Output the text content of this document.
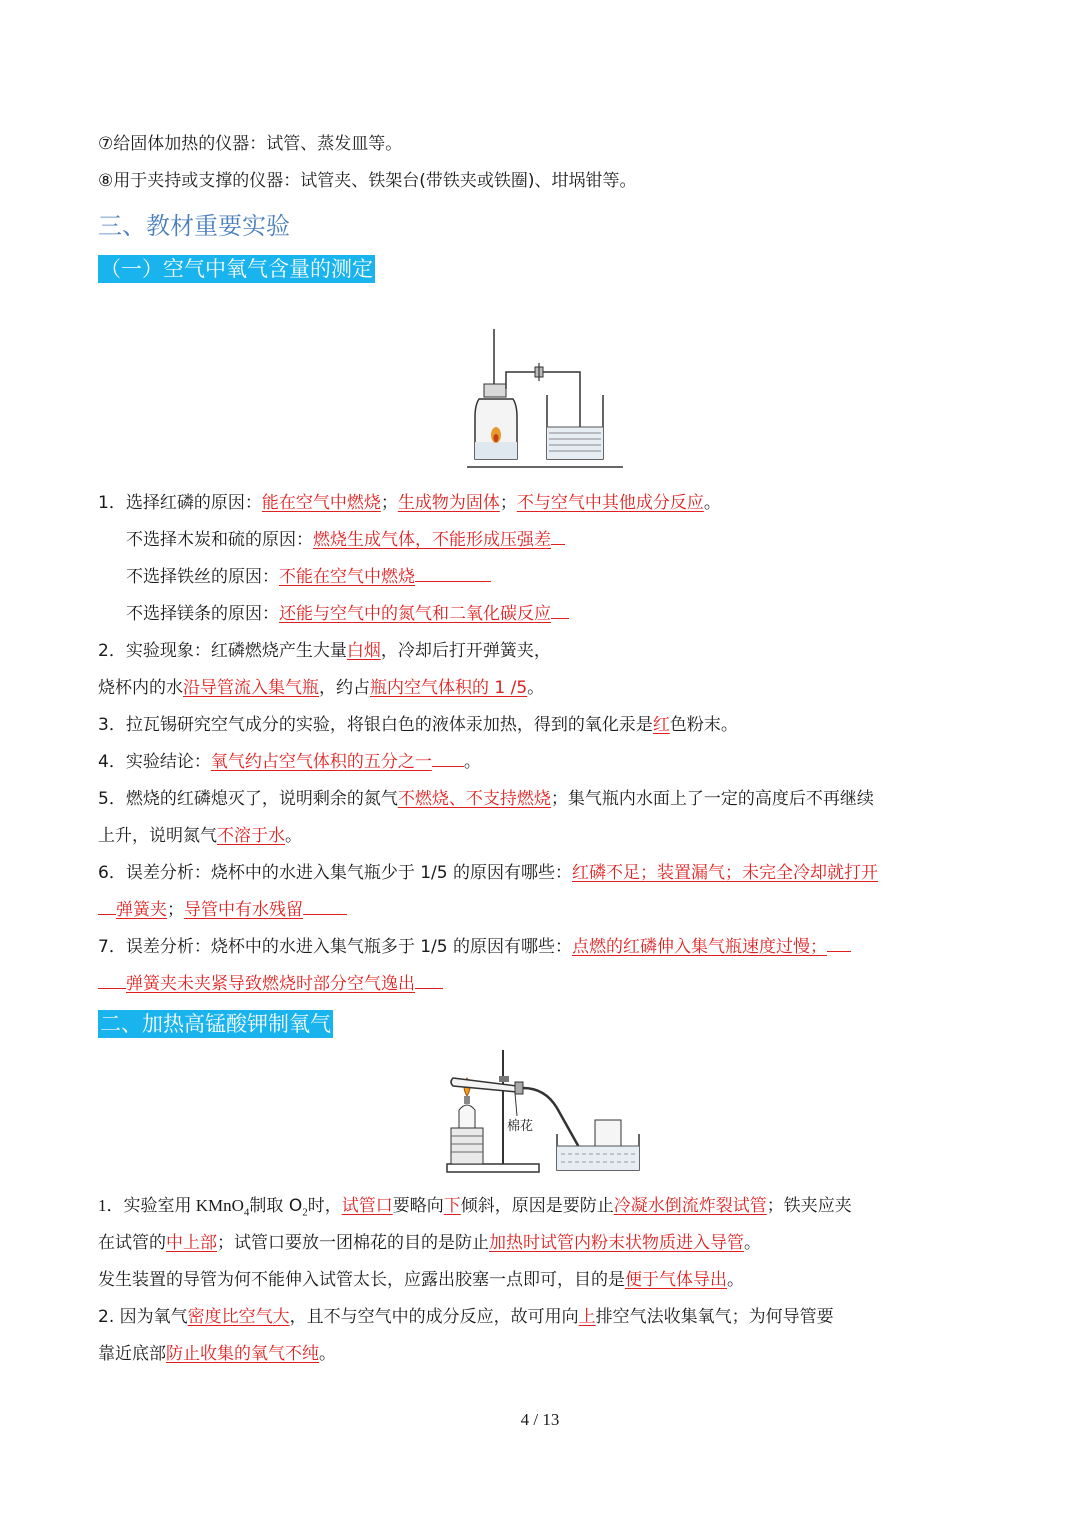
⑦给固体加热的仪器：试管、蒸发皿等。
⑧用于夹持或支撑的仪器：试管夹、铁架台(带铁夹或铁圈)、坩埚钳等。
三、教材重要实验
（一）空气中氧气含量的测定
1．选择红磷的原因：能在空气中燃烧；生成物为固体；不与空气中其他成分反应。
不选择木炭和硫的原因：燃烧生成气体，不能形成压强差
不选择铁丝的原因：不能在空气中燃烧
不选择镁条的原因：还能与空气中的氮气和二氧化碳反应
2．实验现象：红磷燃烧产生大量白烟，冷却后打开弹簧夹，
烧杯内的水沿导管流入集气瓶，约占瓶内空气体积的 1 /5。
3．拉瓦锡研究空气成分的实验，将银白色的液体汞加热，得到的氧化汞是红色粉末。
4．实验结论：氧气约占空气体积的五分之一 。
5．燃烧的红磷熄灭了，说明剩余的氮气不燃烧、不支持燃烧；集气瓶内水面上了一定的高度后不再继续
上升，说明氮气不溶于水。
6．误差分析：烧杯中的水进入集气瓶少于 1/5 的原因有哪些：红磷不足；装置漏气；未完全冷却就打开
弹簧夹；导管中有水残留
7．误差分析：烧杯中的水进入集气瓶多于 1/5 的原因有哪些：点燃的红磷伸入集气瓶速度过慢；
弹簧夹未夹紧导致燃烧时部分空气逸出
二、加热高锰酸钾制氧气
棉花
1．实验室用 KMnO$_4$制取 $O_2$时，试管口要略向下倾斜，原因是要防止冷凝水倒流炸裂试管；铁夹应夹
在试管的中上部；试管口要放一团棉花的目的是防止加热时试管内粉末状物质进入导管。
发生装置的导管为何不能伸入试管太长，应露出胶塞一点即可，目的是便于气体导出。
2. 因为氧气密度比空气大，且不与空气中的成分反应，故可用向上排空气法收集氧气；为何导管要
靠近底部防止收集的氧气不纯。
4 / 13
